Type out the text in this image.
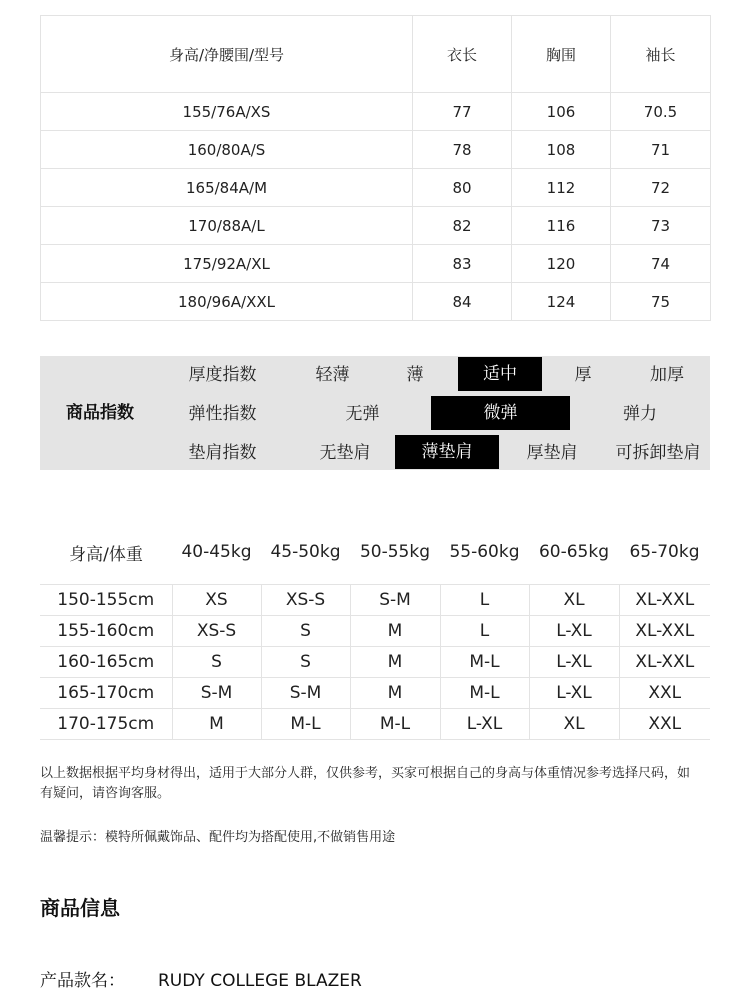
身高/净腰围/型号	衣长	胸围	袖长
155/76A/XS	77	106	70.5
160/80A/S	78	108	71
165/84A/M	80	112	72
170/88A/L	82	116	73
175/92A/XL	83	120	74
180/96A/XXL	84	124	75
商品指数
厚度指数	轻薄	薄	适中	厚	加厚
弹性指数	无弹	微弹	弹力
垫肩指数	无垫肩	薄垫肩	厚垫肩	可拆卸垫肩
身高/体重	40-45kg	45-50kg	50-55kg	55-60kg	60-65kg	65-70kg
150-155cm	XS	XS-S	S-M	L	XL	XL-XXL
155-160cm	XS-S	S	M	L	L-XL	XL-XXL
160-165cm	S	S	M	M-L	L-XL	XL-XXL
165-170cm	S-M	S-M	M	M-L	L-XL	XXL
170-175cm	M	M-L	M-L	L-XL	XL	XXL

以上数据根据平均身材得出，适用于大部分人群，仅供参考，买家可根据自己的身高与体重情况参考选择尺码，如有疑问，请咨询客服。

温馨提示：模特所佩戴饰品、配件均为搭配使用,不做销售用途

商品信息
产品款名： RUDY COLLEGE BLAZER
